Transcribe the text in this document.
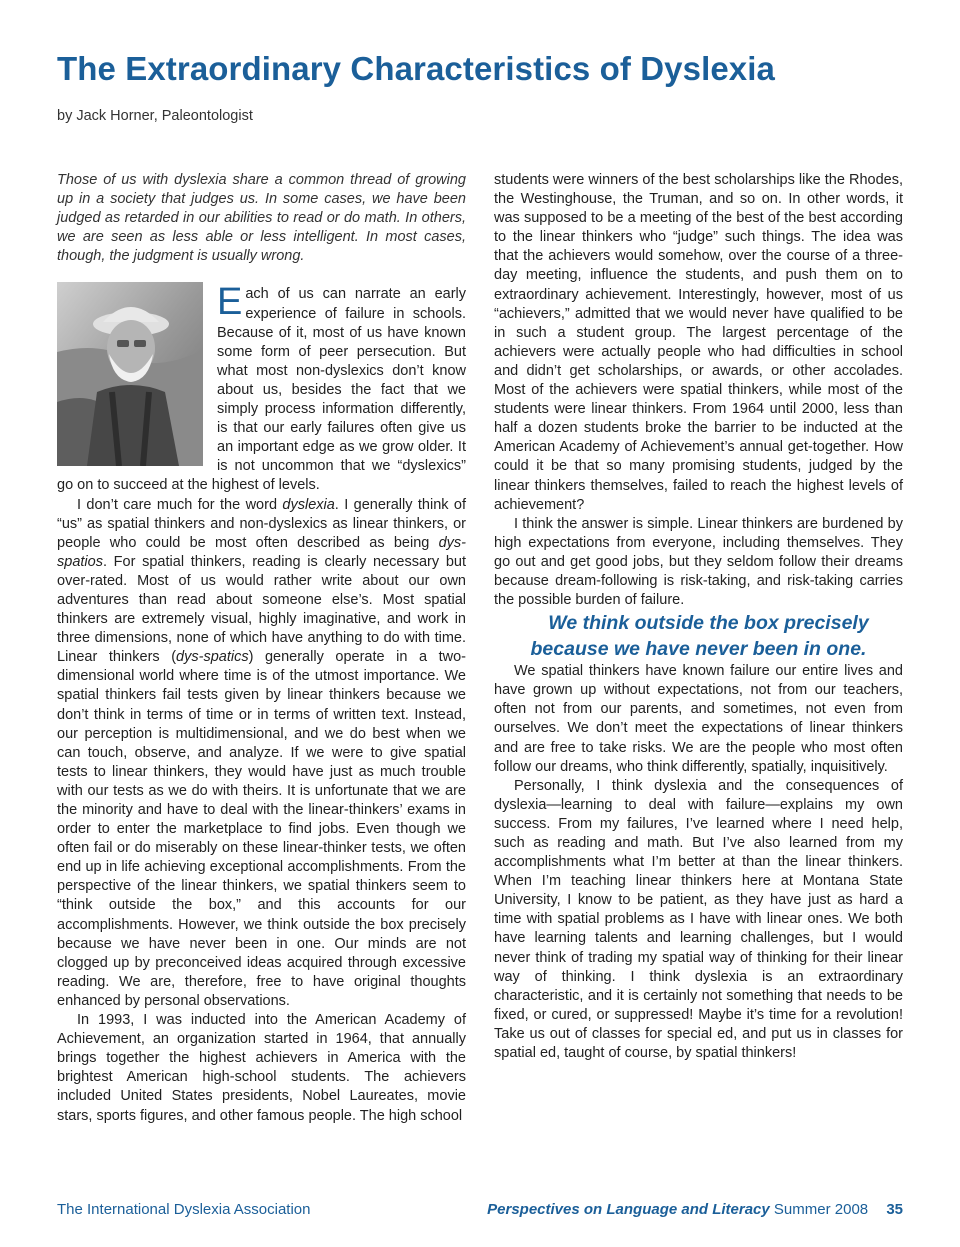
The Extraordinary Characteristics of Dyslexia
by Jack Horner, Paleontologist

Those of us with dyslexia share a common thread of growing up in a society that judges us. In some cases, we have been judged as retarded in our abilities to read or do math. In others, we are seen as less able or less intelligent. In most cases, though, the judgment is usually wrong.

Each of us can narrate an early experience of failure in schools. Because of it, most of us have known some form of peer persecution. But what most non-dyslexics don’t know about us, besides the fact that we simply process information differently, is that our early failures often give us an important edge as we grow older. It is not uncommon that we “dyslexics” go on to succeed at the highest of levels.

I don’t care much for the word dyslexia. I generally think of “us” as spatial thinkers and non-dyslexics as linear thinkers, or people who could be most often described as being dys-spatios. For spatial thinkers, reading is clearly necessary but over-rated. Most of us would rather write about our own adventures than read about someone else’s. Most spatial thinkers are extremely visual, highly imaginative, and work in three dimensions, none of which have anything to do with time. Linear thinkers (dys-spatics) generally operate in a two-dimensional world where time is of the utmost importance. We spatial thinkers fail tests given by linear thinkers because we don’t think in terms of time or in terms of written text. Instead, our perception is multidimensional, and we do best when we can touch, observe, and analyze. If we were to give spatial tests to linear thinkers, they would have just as much trouble with our tests as we do with theirs. It is unfortunate that we are the minority and have to deal with the linear-thinkers’ exams in order to enter the marketplace to find jobs. Even though we often fail or do miserably on these linear-thinker tests, we often end up in life achieving exceptional accomplishments. From the perspective of the linear thinkers, we spatial thinkers seem to “think outside the box,” and this accounts for our accomplishments. However, we think outside the box precisely because we have never been in one. Our minds are not clogged up by preconceived ideas acquired through excessive reading. We are, therefore, free to have original thoughts enhanced by personal observations.

In 1993, I was inducted into the American Academy of Achievement, an organization started in 1964, that annually brings together the highest achievers in America with the brightest American high-school students. The achievers included United States presidents, Nobel Laureates, movie stars, sports figures, and other famous people. The high school

students were winners of the best scholarships like the Rhodes, the Westinghouse, the Truman, and so on. In other words, it was supposed to be a meeting of the best of the best according to the linear thinkers who “judge” such things. The idea was that the achievers would somehow, over the course of a three-day meeting, influence the students, and push them on to extraordinary achievement. Interestingly, however, most of us “achievers,” admitted that we would never have qualified to be in such a student group. The largest percentage of the achievers were actually people who had difficulties in school and didn’t get scholarships, or awards, or other accolades. Most of the achievers were spatial thinkers, while most of the students were linear thinkers. From 1964 until 2000, less than half a dozen students broke the barrier to be inducted at the American Academy of Achievement’s annual get-together. How could it be that so many promising students, judged by the linear thinkers themselves, failed to reach the highest levels of achievement?

I think the answer is simple. Linear thinkers are burdened by high expectations from everyone, including themselves. They go out and get good jobs, but they seldom follow their dreams because dream-following is risk-taking, and risk-taking carries the possible burden of failure.

We think outside the box precisely because we have never been in one.

We spatial thinkers have known failure our entire lives and have grown up without expectations, not from our teachers, often not from our parents, and sometimes, not even from ourselves. We don’t meet the expectations of linear thinkers and are free to take risks. We are the people who most often follow our dreams, who think differently, spatially, inquisitively.

Personally, I think dyslexia and the consequences of dyslexia—learning to deal with failure—explains my own success. From my failures, I’ve learned where I need help, such as reading and math. But I’ve also learned from my accomplishments what I’m better at than the linear thinkers. When I’m teaching linear thinkers here at Montana State University, I know to be patient, as they have just as hard a time with spatial problems as I have with linear ones. We both have learning talents and learning challenges, but I would never think of trading my spatial way of thinking for their linear way of thinking. I think dyslexia is an extraordinary characteristic, and it is certainly not something that needs to be fixed, or cured, or suppressed! Maybe it’s time for a revolution! Take us out of classes for special ed, and put us in classes for spatial ed, taught of course, by spatial thinkers!

The International Dyslexia Association	Perspectives on Language and Literacy Summer 2008 35
